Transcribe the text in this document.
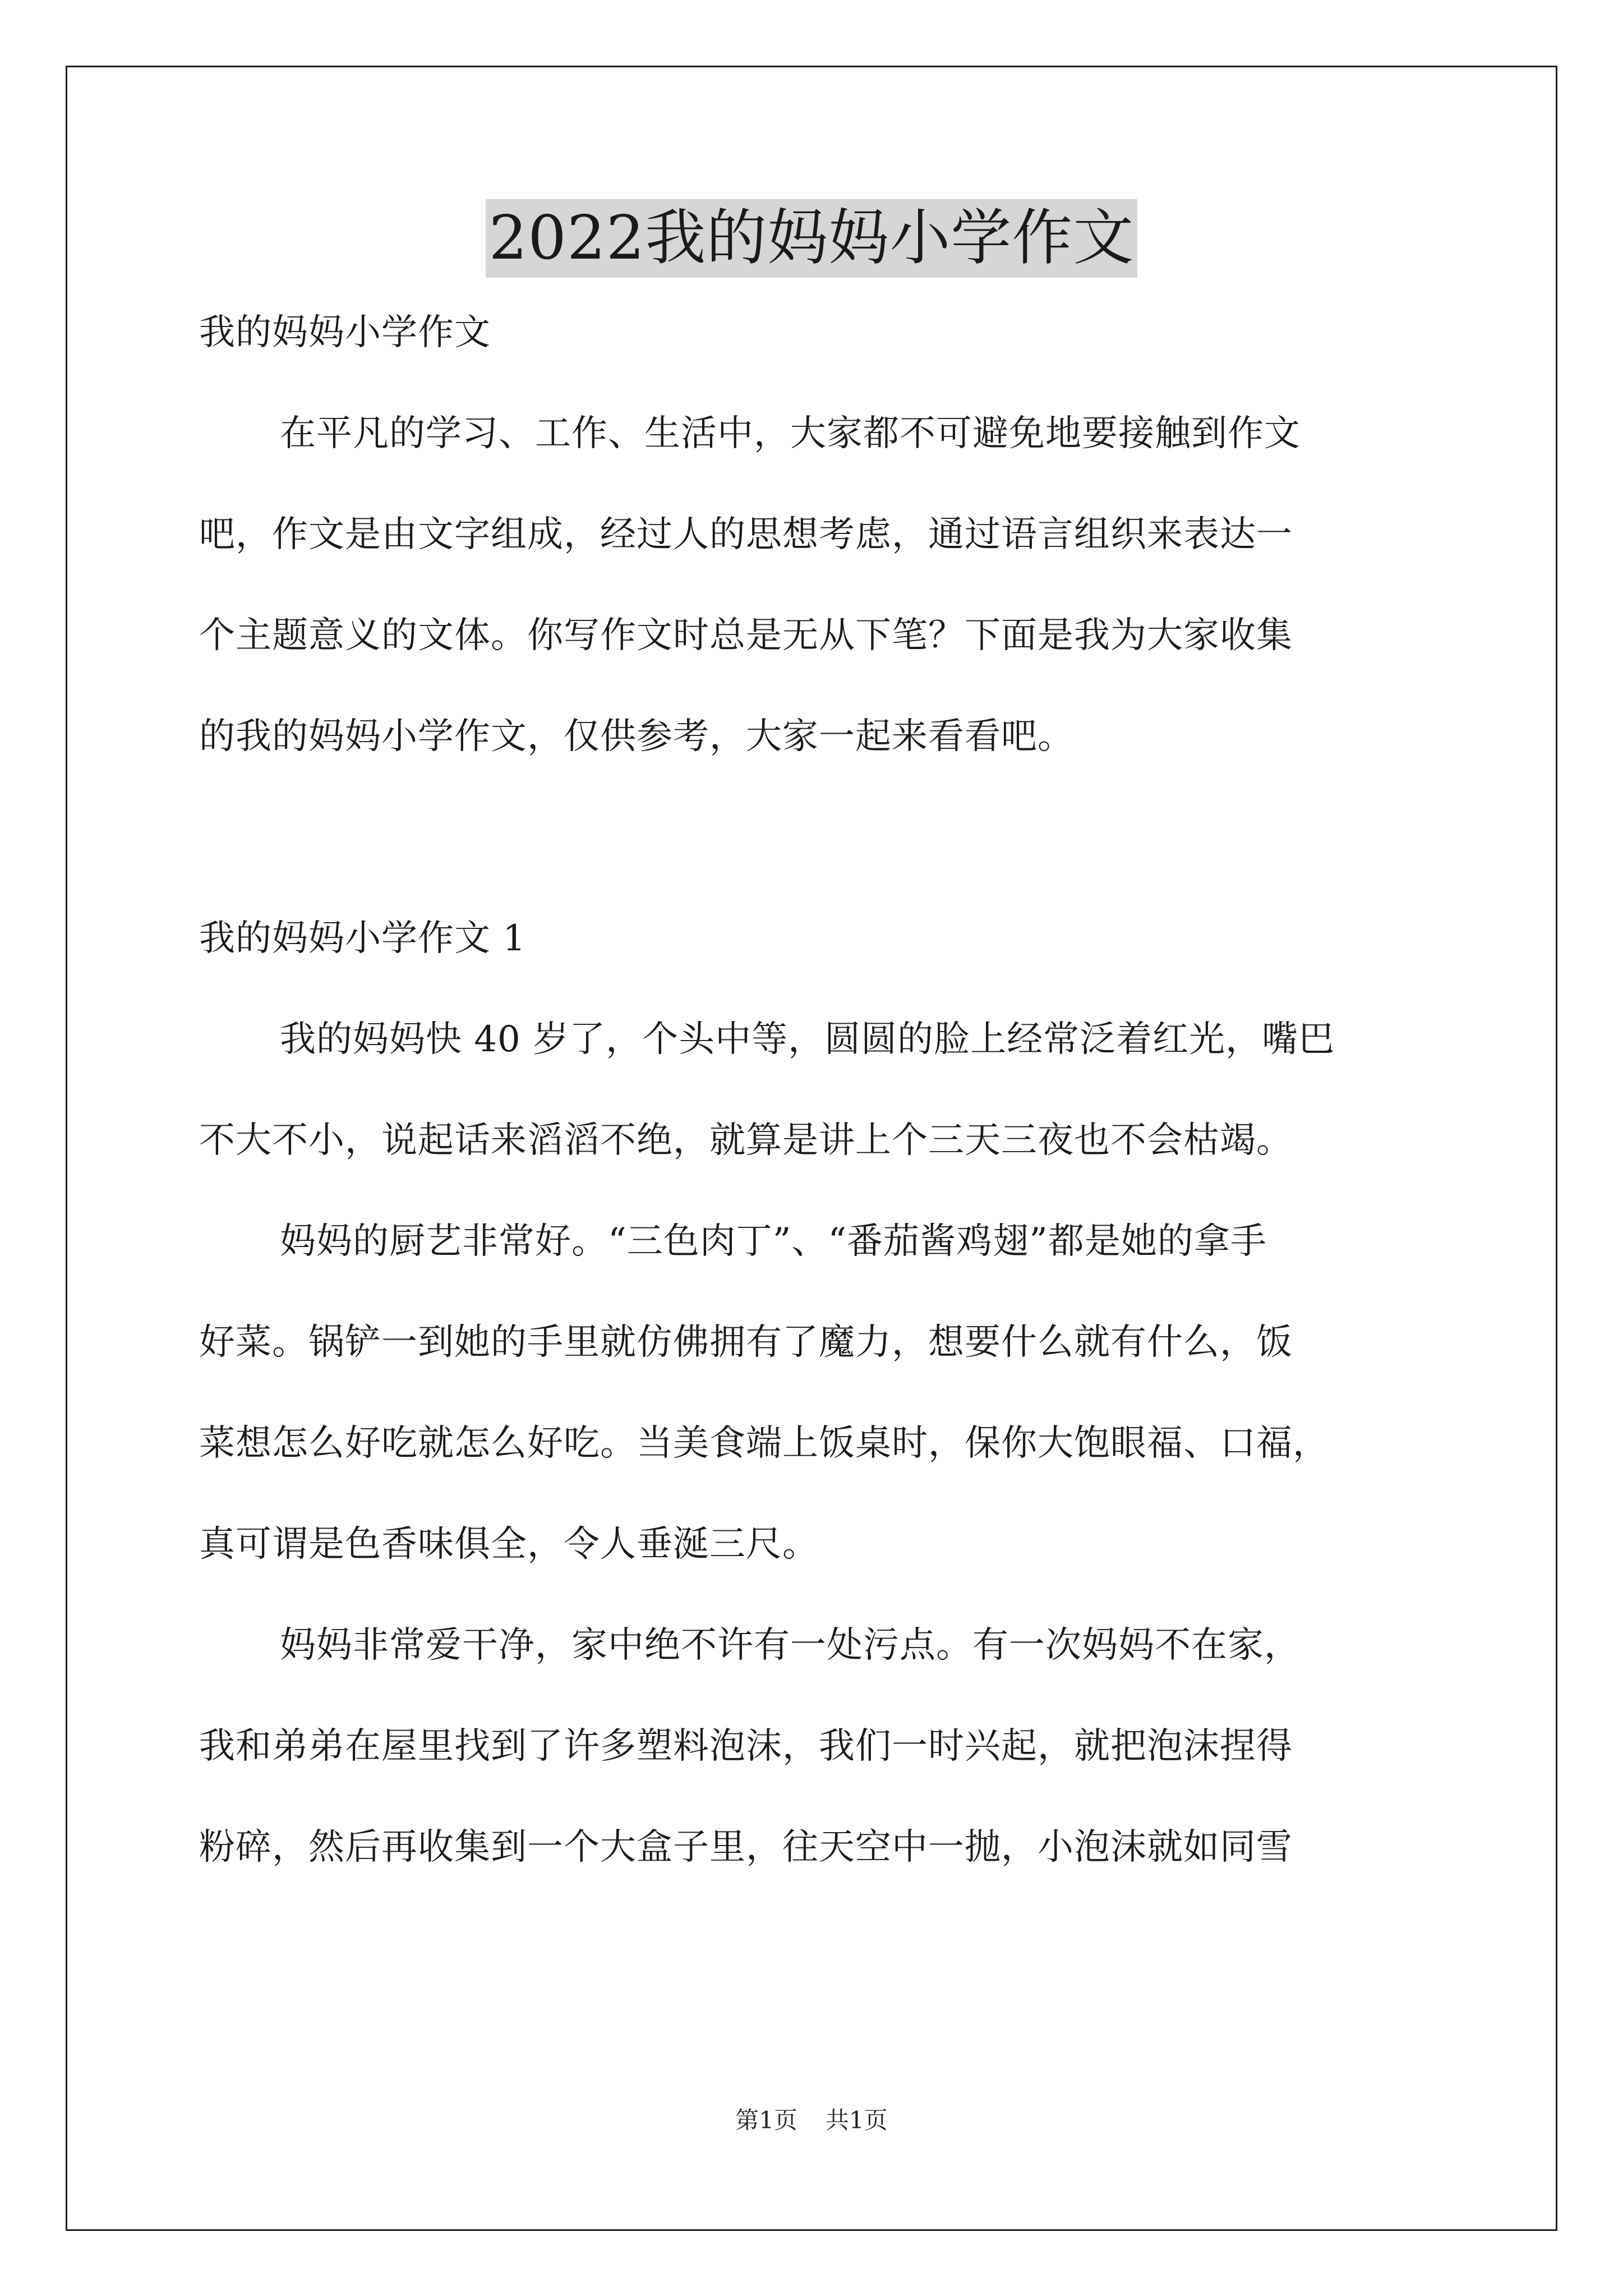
2022我的妈妈小学作文
我的妈妈小学作文
在平凡的学习、工作、生活中，大家都不可避免地要接触到作文
吧，作文是由文字组成，经过人的思想考虑，通过语言组织来表达一
个主题意义的文体。你写作文时总是无从下笔？下面是我为大家收集
的我的妈妈小学作文，仅供参考，大家一起来看看吧。
我的妈妈小学作文 1
我的妈妈快 40 岁了，个头中等，圆圆的脸上经常泛着红光，嘴巴
不大不小，说起话来滔滔不绝，就算是讲上个三天三夜也不会枯竭。
妈妈的厨艺非常好。“三色肉丁”、“番茄酱鸡翅”都是她的拿手
好菜。锅铲一到她的手里就仿佛拥有了魔力，想要什么就有什么，饭
菜想怎么好吃就怎么好吃。当美食端上饭桌时，保你大饱眼福、口福，
真可谓是色香味俱全，令人垂涎三尺。
妈妈非常爱干净，家中绝不许有一处污点。有一次妈妈不在家，
我和弟弟在屋里找到了许多塑料泡沫，我们一时兴起，就把泡沫捏得
粉碎，然后再收集到一个大盒子里，往天空中一抛，小泡沫就如同雪
第1页 共1页
